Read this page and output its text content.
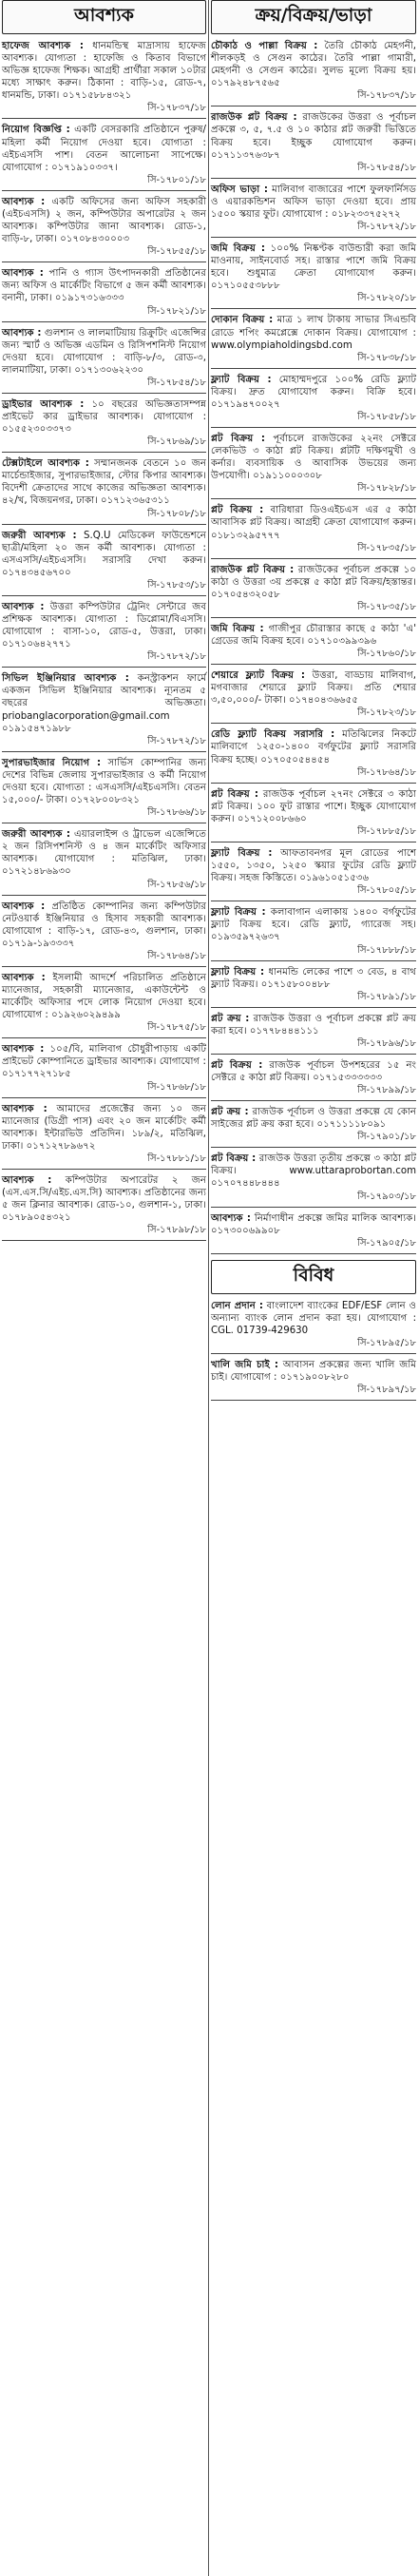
আবশ্যক

হাফেজ আবশ্যক : ধানমন্ডিস্থ মাদ্রাসায় হাফেজ আবশ্যক। যোগ্যতা : হাফেজি ও কিতাব বিভাগে অভিজ্ঞ হাফেজ শিক্ষক। আগ্রহী প্রার্থীরা সকাল ১০টার মধ্যে সাক্ষাৎ করুন। ঠিকানা : বাড়ি-১৫, রোড-৭, ধানমন্ডি, ঢাকা। ০১৭১৫৮৮৪৩২১

সি-১৭৮৩৭/১৮

নিয়োগ বিজ্ঞপ্তি : একটি বেসরকারি প্রতিষ্ঠানে পুরুষ/মহিলা কর্মী নিয়োগ দেওয়া হবে। যোগ্যতা : এইচএসসি পাশ। বেতন আলোচনা সাপেক্ষে। যোগাযোগ : ০১৭১৯১০৩৩৭।

সি-১৭৮০১/১৮

আবশ্যক : একটি অফিসের জন্য অফিস সহকারী (এইচএসসি) ২ জন, কম্পিউটার অপারেটর ২ জন আবশ্যক। কম্পিউটার জানা আবশ্যক। রোড-১, বাড়ি-৮, ঢাকা। ০১৭০৮৪৩০০০৩

সি-১৭৮৫৫/১৮

আবশ্যক : পানি ও গ্যাস উৎপাদনকারী প্রতিষ্ঠানের জন্য অফিস ও মার্কেটিং বিভাগে ৫ জন কর্মী আবশ্যক। বনানী, ঢাকা। ০১৯১৭৩১৬৩৩৩

সি-১৭৮২১/১৮

আবশ্যক : গুলশান ও লালমাটিয়ায় রিক্রুটিং এজেন্সির জন্য স্মার্ট ও অভিজ্ঞ এডমিন ও রিসিপশনিস্ট নিয়োগ দেওয়া হবে। যোগাযোগ : বাড়ি-৮/৩, রোড-৩, লালমাটিয়া, ঢাকা। ০১৭১৩০৬২২৩০

সি-১৭৮৫৪/১৮

ড্রাইভার আবশ্যক : ১০ বছরের অভিজ্ঞতাসম্পন্ন প্রাইভেট কার ড্রাইভার আবশ্যক। যোগাযোগ : ০১৫৫২৩০৩৩৭৩

সি-১৭৮৬৯/১৮

টেক্সটাইলে আবশ্যক : সম্মানজনক বেতনে ১০ জন মার্চেন্ডাইজার, সুপারভাইজার, স্টোর কিপার আবশ্যক। বিদেশী ক্রেতাদের সাথে কাজের অভিজ্ঞতা আবশ্যক। ৪২/খ, বিজয়নগর, ঢাকা। ০১৭১২৩৬৫৩১১

সি-১৭৮০৮/১৮

জরুরী আবশ্যক : S.Q.U মেডিকেল ফাউন্ডেশনে ছাত্রী/মহিলা ২০ জন কর্মী আবশ্যক। যোগ্যতা : এসএসসি/এইচএসসি। সরাসরি দেখা করুন। ০১৭৪৩৪৫৬৭০০

সি-১৭৮৫৩/১৮

আবশ্যক : উত্তরা কম্পিউটার ট্রেনিং সেন্টারে জব প্রশিক্ষক আবশ্যক। যোগ্যতা : ডিপ্লোমা/বিএসসি। যোগাযোগ : বাসা-১০, রোড-৫, উত্তরা, ঢাকা। ০১৭১০৬৪২৭৭১

সি-১৭৮৭২/১৮

সিভিল ইঞ্জিনিয়ার আবশ্যক : কনস্ট্রাকশন ফার্মে একজন সিভিল ইঞ্জিনিয়ার আবশ্যক। ন্যূনতম ৫ বছরের অভিজ্ঞতা। priobanglacorporation@gmail.com ০১৯১৫৪৭১৯৮৮

সি-১৭৮৭২/১৮

সুপারভাইজার নিয়োগ : সার্ভিস কোম্পানির জন্য দেশের বিভিন্ন জেলায় সুপারভাইজার ও কর্মী নিয়োগ দেওয়া হবে। যোগ্যতা : এসএসসি/এইচএসসি। বেতন ১৫,০০০/- টাকা। ০১৭২৮০০৮৩২১

সি-১৭৮৬৬/১৮

জরুরী আবশ্যক : এয়ারলাইন্স ও ট্রাভেল এজেন্সিতে ২ জন রিসিপশনিস্ট ও ৪ জন মার্কেটিং অফিসার আবশ্যক। যোগাযোগ : মতিঝিল, ঢাকা। ০১৭২১৪৮৬৯৩০

সি-১৭৮৫৬/১৮

আবশ্যক : প্রতিষ্ঠিত কোম্পানির জন্য কম্পিউটার নেটওয়ার্ক ইঞ্জিনিয়ার ও হিসাব সহকারী আবশ্যক। যোগাযোগ : বাড়ি-১৭, রোড-৪৩, গুলশান, ঢাকা। ০১৭১৯-১৯৩৩৩৭

সি-১৭৮৬৪/১৮

আবশ্যক : ইসলামী আদর্শে পরিচালিত প্রতিষ্ঠানে ম্যানেজার, সহকারী ম্যানেজার, একাউন্টেন্ট ও মার্কেটিং অফিসার পদে লোক নিয়োগ দেওয়া হবে। যোগাযোগ : ০১৯২৬০২৯৪৯৯

সি-১৭৮৭৫/১৮

আবশ্যক : ১০৫/বি, মালিবাগ চৌধুরীপাড়ায় একটি প্রাইভেট কোম্পানিতে ড্রাইভার আবশ্যক। যোগাযোগ : ০১৭১৭৭২৭১৮৫

সি-১৭৮৬৮/১৮

আবশ্যক : আমাদের প্রজেক্টের জন্য ১০ জন ম্যানেজার (ডিগ্রী পাস) এবং ২০ জন মার্কেটিং কর্মী আবশ্যক। ইন্টারভিউ প্রতিদিন। ১৮৯/২, মতিঝিল, ঢাকা। ০১৭১২৭৮৯৬৭২

সি-১৭৮৮১/১৮

আবশ্যক : কম্পিউটার অপারেটর ২ জন (এস.এস.সি/এইচ.এস.সি) আবশ্যক। প্রতিষ্ঠানের জন্য ৫ জন ক্লিনার আবশ্যক। রোড-১০, গুলশান-১, ঢাকা। ০১৭৮৯০৫৪৩২১

সি-১৭৮৯৮/১৮
ক্রয়/বিক্রয়/ভাড়া

চৌকাঠ ও পাল্লা বিক্রয় : তৈরি চৌকাঠ মেহগনী, শীলকড়ই ও সেগুন কাঠের। তৈরি পাল্লা গামারী, মেহগনী ও সেগুন কাঠের। সুলভ মূল্যে বিক্রয় হয়। ০১৭৯২৪৮৭৫৬৫

সি-১৭৮৩৭/১৮

রাজউক প্লট বিক্রয় : রাজউকের উত্তরা ও পূর্বাচল প্রকল্পে ৩, ৫, ৭.৫ ও ১০ কাঠার প্লট জরুরী ভিত্তিতে বিক্রয় হবে। ইচ্ছুক যোগাযোগ করুন। ০১৭১১৩৭৬৩৮৭

সি-১৭৮৫৪/১৮

অফিস ভাড়া : মালিবাগ বাজারের পাশে ফুলফার্নিসড ও এয়ারকন্ডিশন অফিস ভাড়া দেওয়া হবে। প্রায় ১৫০০ স্কয়ার ফুট। যোগাযোগ : ০১৮২৩৩৭৫২৭২

সি-১৭৮৭২/১৮

জমি বিক্রয় : ১০০% নিষ্কণ্টক বাউন্ডারী করা জমি মাওনায়, সাইনবোর্ড সহ। রাস্তার পাশে জমি বিক্রয় হবে। শুধুমাত্র ক্রেতা যোগাযোগ করুন। ০১৭১০৫৫৩৮৮৮

সি-১৭৮২০/১৮

দোকান বিক্রয় : মাত্র ১ লাখ টাকায় সাভার সিএন্ডবি রোডে শপিং কমপ্লেক্সে দোকান বিক্রয়। যোগাযোগ : www.olympiaholdingsbd.com

সি-১৭৮৩৮/১৮

ফ্ল্যাট বিক্রয় : মোহাম্মদপুরে ১০০% রেডি ফ্ল্যাট বিক্রয়। দ্রুত যোগাযোগ করুন। বিক্রি হবে। ০১৭১৯৪৭০০২৭

সি-১৭৮৫৮/১৮

প্লট বিক্রয় : পূর্বাচলে রাজউকের ২২নং সেক্টরে লেকভিউ ৩ কাঠা প্লট বিক্রয়। প্লটটি দক্ষিণমুখী ও কর্নার। ব্যবসায়িক ও আবাসিক উভয়ের জন্য উপযোগী। ০১৯১১০০০৩০৮

সি-১৭৮২৮/১৮

প্লট বিক্রয় : বারিধারা ডিওএইচএস এর ৫ কাঠা আবাসিক প্লট বিক্রয়। আগ্রহী ক্রেতা যোগাযোগ করুন। ০১৮১৩২৯৫৭৭৭

সি-১৭৮৩৫/১৮

রাজউক প্লট বিক্রয় : রাজউকের পূর্বাচল প্রকল্পে ১০ কাঠা ও উত্তরা ৩য় প্রকল্পে ৫ কাঠা প্লট বিক্রয়/হস্তান্তর। ০১৭০৫৪৩২০৫৮

সি-১৭৮৩৫/১৮

জমি বিক্রয় : গাজীপুর চৌরাস্তার কাছে ৫ কাঠা 'এ' গ্রেডের জমি বিক্রয় হবে। ০১৭১০৩৯৯৩৯৬

সি-১৭৮৬০/১৮

শেয়ারে ফ্ল্যাট বিক্রয় : উত্তরা, বাড্ডায় মালিবাগ, মগবাজার শেয়ারে ফ্ল্যাট বিক্রয়। প্রতি শেয়ার ৩,৫০,০০০/- টাকা। ০১৭৪০৪৩৬৬৫৫

সি-১৭৮২৩/১৮

রেডি ফ্ল্যাট বিক্রয় সরাসরি : মতিঝিলের নিকটে মালিবাগে ১২৫০-১৪০০ বর্গফুটের ফ্ল্যাট সরাসরি বিক্রয় হচ্ছে। ০১৭০৫০৫৪৪৫৪

সি-১৭৮৬৪/১৮

প্লট বিক্রয় : রাজউক পূর্বাচল ২৭নং সেক্টরে ৩ কাঠা প্লট বিক্রয়। ১০০ ফুট রাস্তার পাশে। ইচ্ছুক যোগাযোগ করুন। ০১৭১২০০৮৬৬০

সি-১৭৮৮৫/১৮

ফ্ল্যাট বিক্রয় : আফতাবনগর মূল রোডের পাশে ১৫৫০, ১৩৫০, ১২৫০ স্কয়ার ফুটের রেডি ফ্ল্যাট বিক্রয়। সহজ কিস্তিতে। ০১৯৬১০৫১৫৩৬

সি-১৭৮০৫/১৮

ফ্ল্যাট বিক্রয় : কলাবাগান এলাকায় ১৪০০ বর্গফুটের ফ্ল্যাট বিক্রয় হবে। রেডি ফ্ল্যাট, গ্যারেজ সহ। ০১৯৩৫৯৭২৬৩৭

সি-১৭৮৮৮/১৮

ফ্ল্যাট বিক্রয় : ধানমন্ডি লেকের পাশে ৩ বেড, ৪ বাথ ফ্ল্যাট বিক্রয়। ০১৭১৫৮০০৪৮৮

সি-১৭৮৯১/১৮

প্লট ক্রয় : রাজউক উত্তরা ও পূর্বাচল প্রকল্পে প্লট ক্রয় করা হবে। ০১৭৭৮৪৪৪১১১

সি-১৭৮৯৬/১৮

প্লট বিক্রয় : রাজউক পূর্বাচল উপশহরের ১৫ নং সেক্টরে ৫ কাঠা প্লট বিক্রয়। ০১৭১৫৩৩৩৩৩৩

সি-১৭৮৯৯/১৮

প্লট ক্রয় : রাজউক পূর্বাচল ও উত্তরা প্রকল্পে যে কোন সাইজের প্লট ক্রয় করা হবে। ০১৭১১১১৮০৯১

সি-১৭৯০১/১৮

প্লট বিক্রয় : রাজউক উত্তরা তৃতীয় প্রকল্পে ৩ কাঠা প্লট বিক্রয়। www.uttaraprobortan.com ০১৭০৭৪৪৮৪৪৪

সি-১৭৯০৩/১৮

আবশ্যক : নির্মাণাধীন প্রকল্পে জমির মালিক আবশ্যক। ০১৭৩০০৬৯৯০৮

সি-১৭৯০৫/১৮
বিবিধ

লোন প্রদান : বাংলাদেশ ব্যাংকের EDF/ESF লোন ও অন্যান্য ব্যাংক লোন প্রদান করা হয়। যোগাযোগ : CGL. 01739-429630

সি-১৭৮৯৫/১৮

খালি জমি চাই : আবাসন প্রকল্পের জন্য খালি জমি চাই। যোগাযোগ : ০১৭১৯০০৮২৮০

সি-১৭৮৯৭/১৮
